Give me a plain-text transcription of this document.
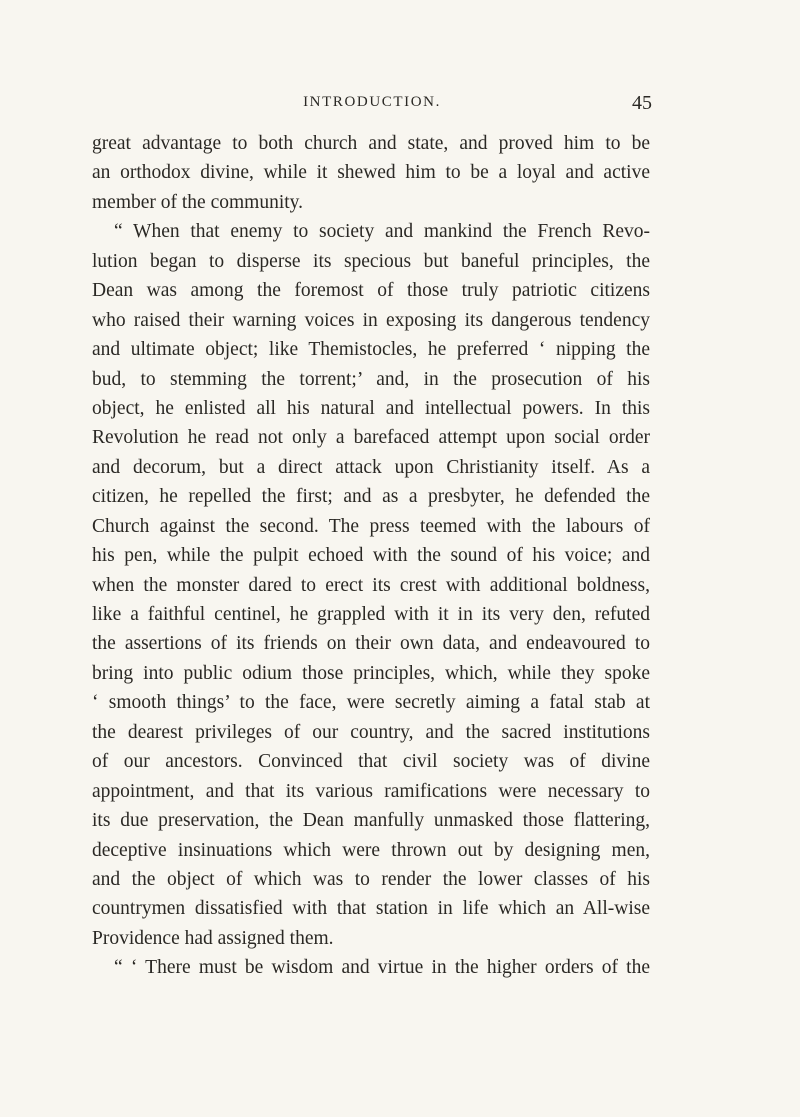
INTRODUCTION.	45
great advantage to both church and state, and proved him to be
an orthodox divine, while it shewed him to be a loyal and active
member of the community.
“ When that enemy to society and mankind the French Revo-
lution began to disperse its specious but baneful principles, the
Dean was among the foremost of those truly patriotic citizens
who raised their warning voices in exposing its dangerous tendency
and ultimate object; like Themistocles, he preferred ‘ nipping the
bud, to stemming the torrent;’ and, in the prosecution of his
object, he enlisted all his natural and intellectual powers. In this
Revolution he read not only a barefaced attempt upon social order
and decorum, but a direct attack upon Christianity itself. As a
citizen, he repelled the first; and as a presbyter, he defended the
Church against the second. The press teemed with the labours of
his pen, while the pulpit echoed with the sound of his voice; and
when the monster dared to erect its crest with additional boldness,
like a faithful centinel, he grappled with it in its very den, refuted
the assertions of its friends on their own data, and endeavoured to
bring into public odium those principles, which, while they spoke
‘ smooth things’ to the face, were secretly aiming a fatal stab at
the dearest privileges of our country, and the sacred institutions
of our ancestors. Convinced that civil society was of divine
appointment, and that its various ramifications were necessary to
its due preservation, the Dean manfully unmasked those flattering,
deceptive insinuations which were thrown out by designing men,
and the object of which was to render the lower classes of his
countrymen dissatisfied with that station in life which an All-wise
Providence had assigned them.
“ ‘ There must be wisdom and virtue in the higher orders of the
